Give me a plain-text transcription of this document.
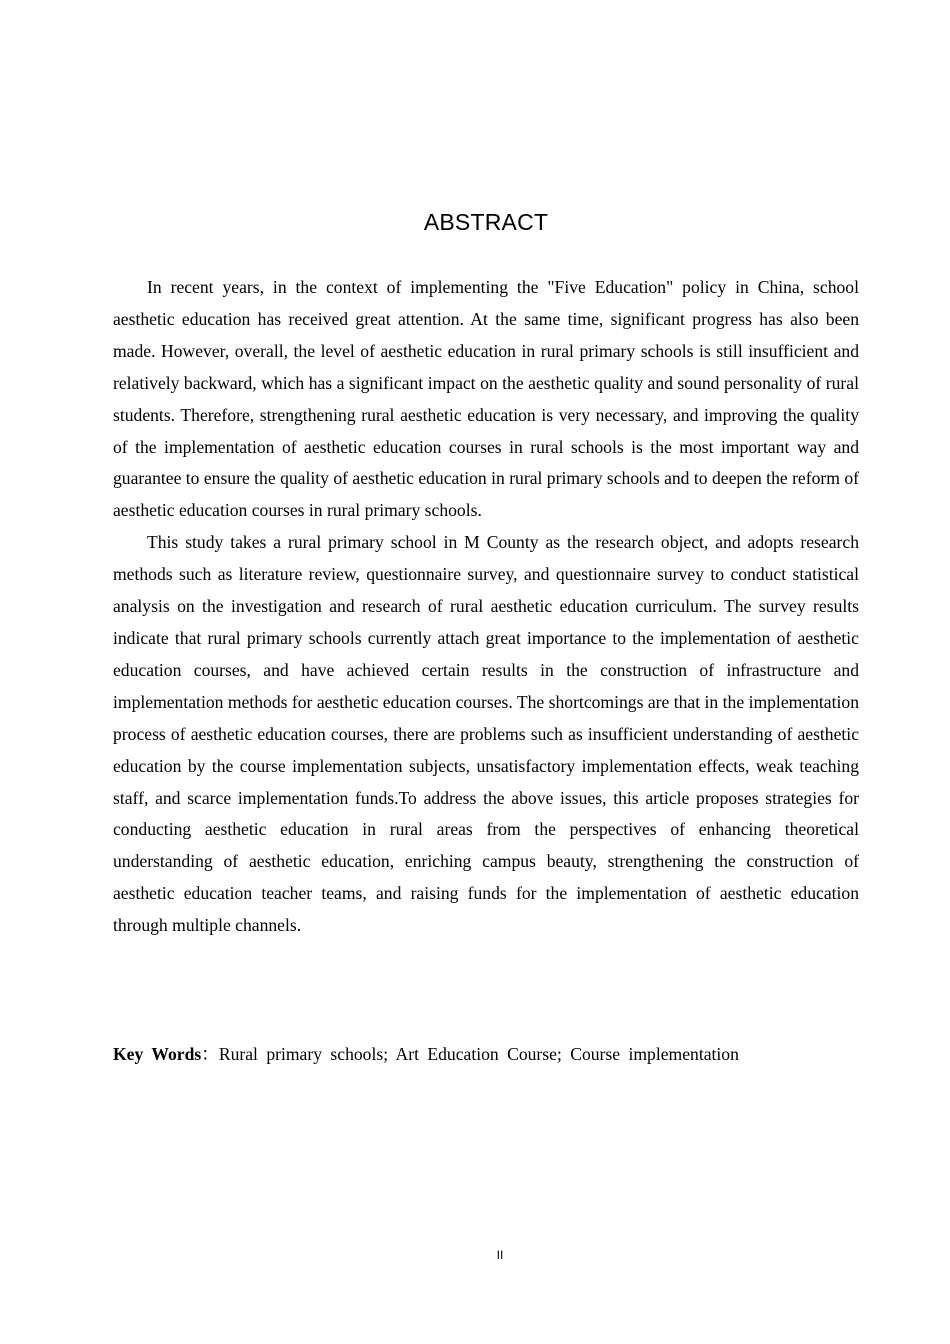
ABSTRACT

In recent years, in the context of implementing the "Five Education" policy in China, school aesthetic education has received great attention. At the same time, significant progress has also been made. However, overall, the level of aesthetic education in rural primary schools is still insufficient and relatively backward, which has a significant impact on the aesthetic quality and sound personality of rural students. Therefore, strengthening rural aesthetic education is very necessary, and improving the quality of the implementation of aesthetic education courses in rural schools is the most important way and guarantee to ensure the quality of aesthetic education in rural primary schools and to deepen the reform of aesthetic education courses in rural primary schools.

This study takes a rural primary school in M County as the research object, and adopts research methods such as literature review, questionnaire survey, and questionnaire survey to conduct statistical analysis on the investigation and research of rural aesthetic education curriculum. The survey results indicate that rural primary schools currently attach great importance to the implementation of aesthetic education courses, and have achieved certain results in the construction of infrastructure and implementation methods for aesthetic education courses. The shortcomings are that in the implementation process of aesthetic education courses, there are problems such as insufficient understanding of aesthetic education by the course implementation subjects, unsatisfactory implementation effects, weak teaching staff, and scarce implementation funds.To address the above issues, this article proposes strategies for conducting aesthetic education in rural areas from the perspectives of enhancing theoretical understanding of aesthetic education, enriching campus beauty, strengthening the construction of aesthetic education teacher teams, and raising funds for the implementation of aesthetic education through multiple channels.

Key Words：Rural primary schools; Art Education Course; Course implementation
II
